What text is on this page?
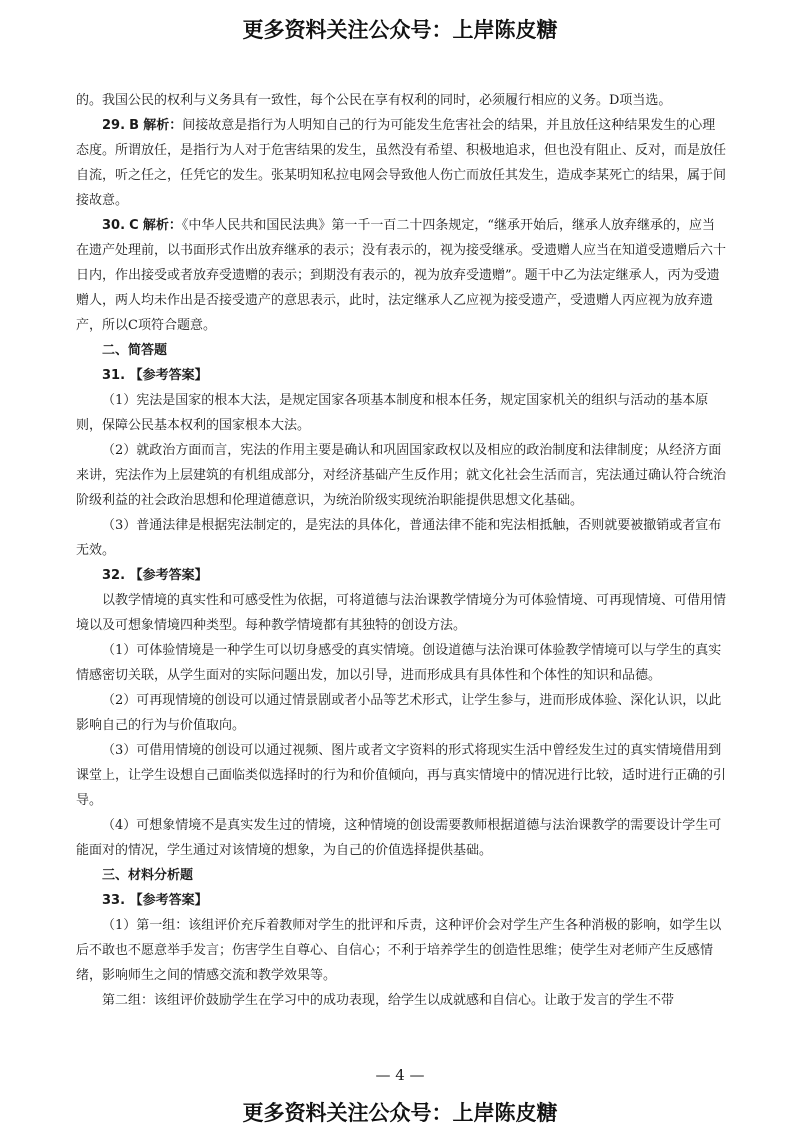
更多资料关注公众号：上岸陈皮糖

的。我国公民的权利与义务具有一致性，每个公民在享有权利的同时，必须履行相应的义务。D项当选。

29. B 解析：间接故意是指行为人明知自己的行为可能发生危害社会的结果，并且放任这种结果发生的心理态度。所谓放任，是指行为人对于危害结果的发生，虽然没有希望、积极地追求，但也没有阻止、反对，而是放任自流，听之任之，任凭它的发生。张某明知私拉电网会导致他人伤亡而放任其发生，造成李某死亡的结果，属于间接故意。

30. C 解析：《中华人民共和国民法典》第一千一百二十四条规定，“继承开始后，继承人放弃继承的，应当在遗产处理前，以书面形式作出放弃继承的表示；没有表示的，视为接受继承。受遗赠人应当在知道受遗赠后六十日内，作出接受或者放弃受遗赠的表示；到期没有表示的，视为放弃受遗赠”。题干中乙为法定继承人，丙为受遗赠人，两人均未作出是否接受遗产的意思表示，此时，法定继承人乙应视为接受遗产，受遗赠人丙应视为放弃遗产，所以C项符合题意。

二、简答题

31. 【参考答案】

（1）宪法是国家的根本大法，是规定国家各项基本制度和根本任务，规定国家机关的组织与活动的基本原则，保障公民基本权利的国家根本大法。

（2）就政治方面而言，宪法的作用主要是确认和巩固国家政权以及相应的政治制度和法律制度；从经济方面来讲，宪法作为上层建筑的有机组成部分，对经济基础产生反作用；就文化社会生活而言，宪法通过确认符合统治阶级利益的社会政治思想和伦理道德意识，为统治阶级实现统治职能提供思想文化基础。

（3）普通法律是根据宪法制定的，是宪法的具体化，普通法律不能和宪法相抵触，否则就要被撤销或者宣布无效。

32. 【参考答案】

以教学情境的真实性和可感受性为依据，可将道德与法治课教学情境分为可体验情境、可再现情境、可借用情境以及可想象情境四种类型。每种教学情境都有其独特的创设方法。

（1）可体验情境是一种学生可以切身感受的真实情境。创设道德与法治课可体验教学情境可以与学生的真实情感密切关联，从学生面对的实际问题出发，加以引导，进而形成具有具体性和个体性的知识和品德。

（2）可再现情境的创设可以通过情景剧或者小品等艺术形式，让学生参与，进而形成体验、深化认识，以此影响自己的行为与价值取向。

（3）可借用情境的创设可以通过视频、图片或者文字资料的形式将现实生活中曾经发生过的真实情境借用到课堂上，让学生设想自己面临类似选择时的行为和价值倾向，再与真实情境中的情况进行比较，适时进行正确的引导。

（4）可想象情境不是真实发生过的情境，这种情境的创设需要教师根据道德与法治课教学的需要设计学生可能面对的情况，学生通过对该情境的想象，为自己的价值选择提供基础。

三、材料分析题

33. 【参考答案】

（1）第一组：该组评价充斥着教师对学生的批评和斥责，这种评价会对学生产生各种消极的影响，如学生以后不敢也不愿意举手发言；伤害学生自尊心、自信心；不利于培养学生的创造性思维；使学生对老师产生反感情绪，影响师生之间的情感交流和教学效果等。

第二组：该组评价鼓励学生在学习中的成功表现，给学生以成就感和自信心。让敢于发言的学生不带

— 4 —
更多资料关注公众号：上岸陈皮糖
